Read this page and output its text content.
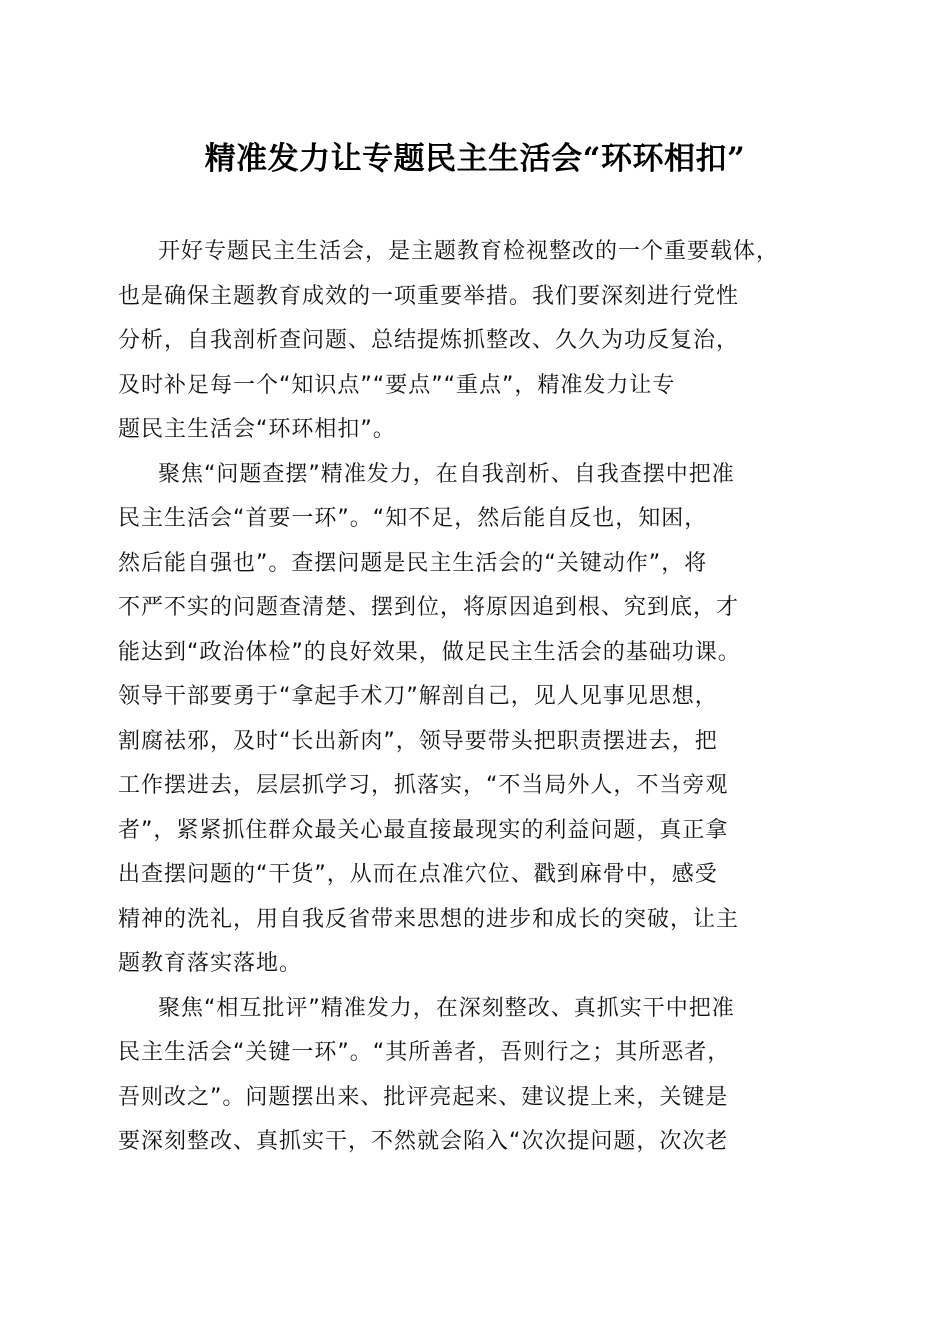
精准发力让专题民主生活会“环环相扣”

开好专题民主生活会，是主题教育检视整改的一个重要载体，
也是确保主题教育成效的一项重要举措。我们要深刻进行党性
分析，自我剖析查问题、总结提炼抓整改、久久为功反复治，
及时补足每一个“知识点”“要点”“重点”，精准发力让专
题民主生活会“环环相扣”。

聚焦“问题查摆”精准发力，在自我剖析、自我查摆中把准
民主生活会“首要一环”。“知不足，然后能自反也，知困，
然后能自强也”。查摆问题是民主生活会的“关键动作”，将
不严不实的问题查清楚、摆到位，将原因追到根、究到底，才
能达到“政治体检”的良好效果，做足民主生活会的基础功课。
领导干部要勇于“拿起手术刀”解剖自己，见人见事见思想，
割腐祛邪，及时“长出新肉”，领导要带头把职责摆进去，把
工作摆进去，层层抓学习，抓落实，“不当局外人，不当旁观
者”，紧紧抓住群众最关心最直接最现实的利益问题，真正拿
出查摆问题的“干货”，从而在点准穴位、戳到麻骨中，感受
精神的洗礼，用自我反省带来思想的进步和成长的突破，让主
题教育落实落地。

聚焦“相互批评”精准发力，在深刻整改、真抓实干中把准
民主生活会“关键一环”。“其所善者，吾则行之；其所恶者，
吾则改之”。问题摆出来、批评亮起来、建议提上来，关键是
要深刻整改、真抓实干，不然就会陷入“次次提问题，次次老
